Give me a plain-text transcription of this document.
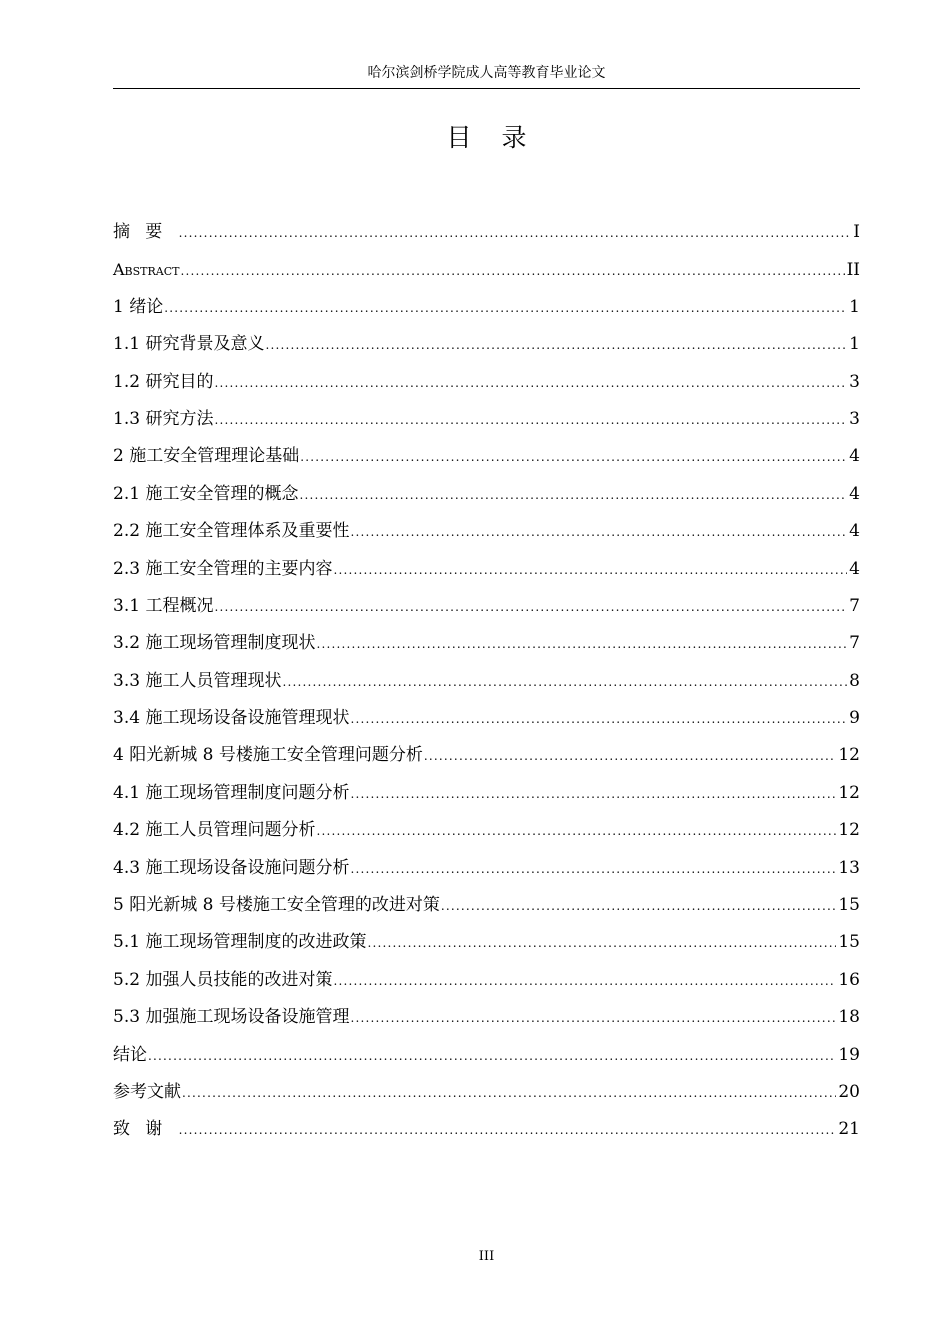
哈尔滨剑桥学院成人高等教育毕业论文
目录
摘要 .....	I
Abstract .....	II
1 绪论 .....	1
1.1 研究背景及意义 .....	1
1.2 研究目的 .....	3
1.3 研究方法 .....	3
2 施工安全管理理论基础 .....	4
2.1 施工安全管理的概念 .....	4
2.2 施工安全管理体系及重要性 .....	4
2.3 施工安全管理的主要内容 .....	4
3.1 工程概况 .....	7
3.2 施工现场管理制度现状 .....	7
3.3 施工人员管理现状 .....	8
3.4 施工现场设备设施管理现状 .....	9
4 阳光新城 8 号楼施工安全管理问题分析 .....	12
4.1 施工现场管理制度问题分析 .....	12
4.2 施工人员管理问题分析 .....	12
4.3 施工现场设备设施问题分析 .....	13
5 阳光新城 8 号楼施工安全管理的改进对策 .....	15
5.1 施工现场管理制度的改进政策 .....	15
5.2 加强人员技能的改进对策 .....	16
5.3 加强施工现场设备设施管理 .....	18
结论 .....	19
参考文献 .....	20
致谢 .....	21
III
